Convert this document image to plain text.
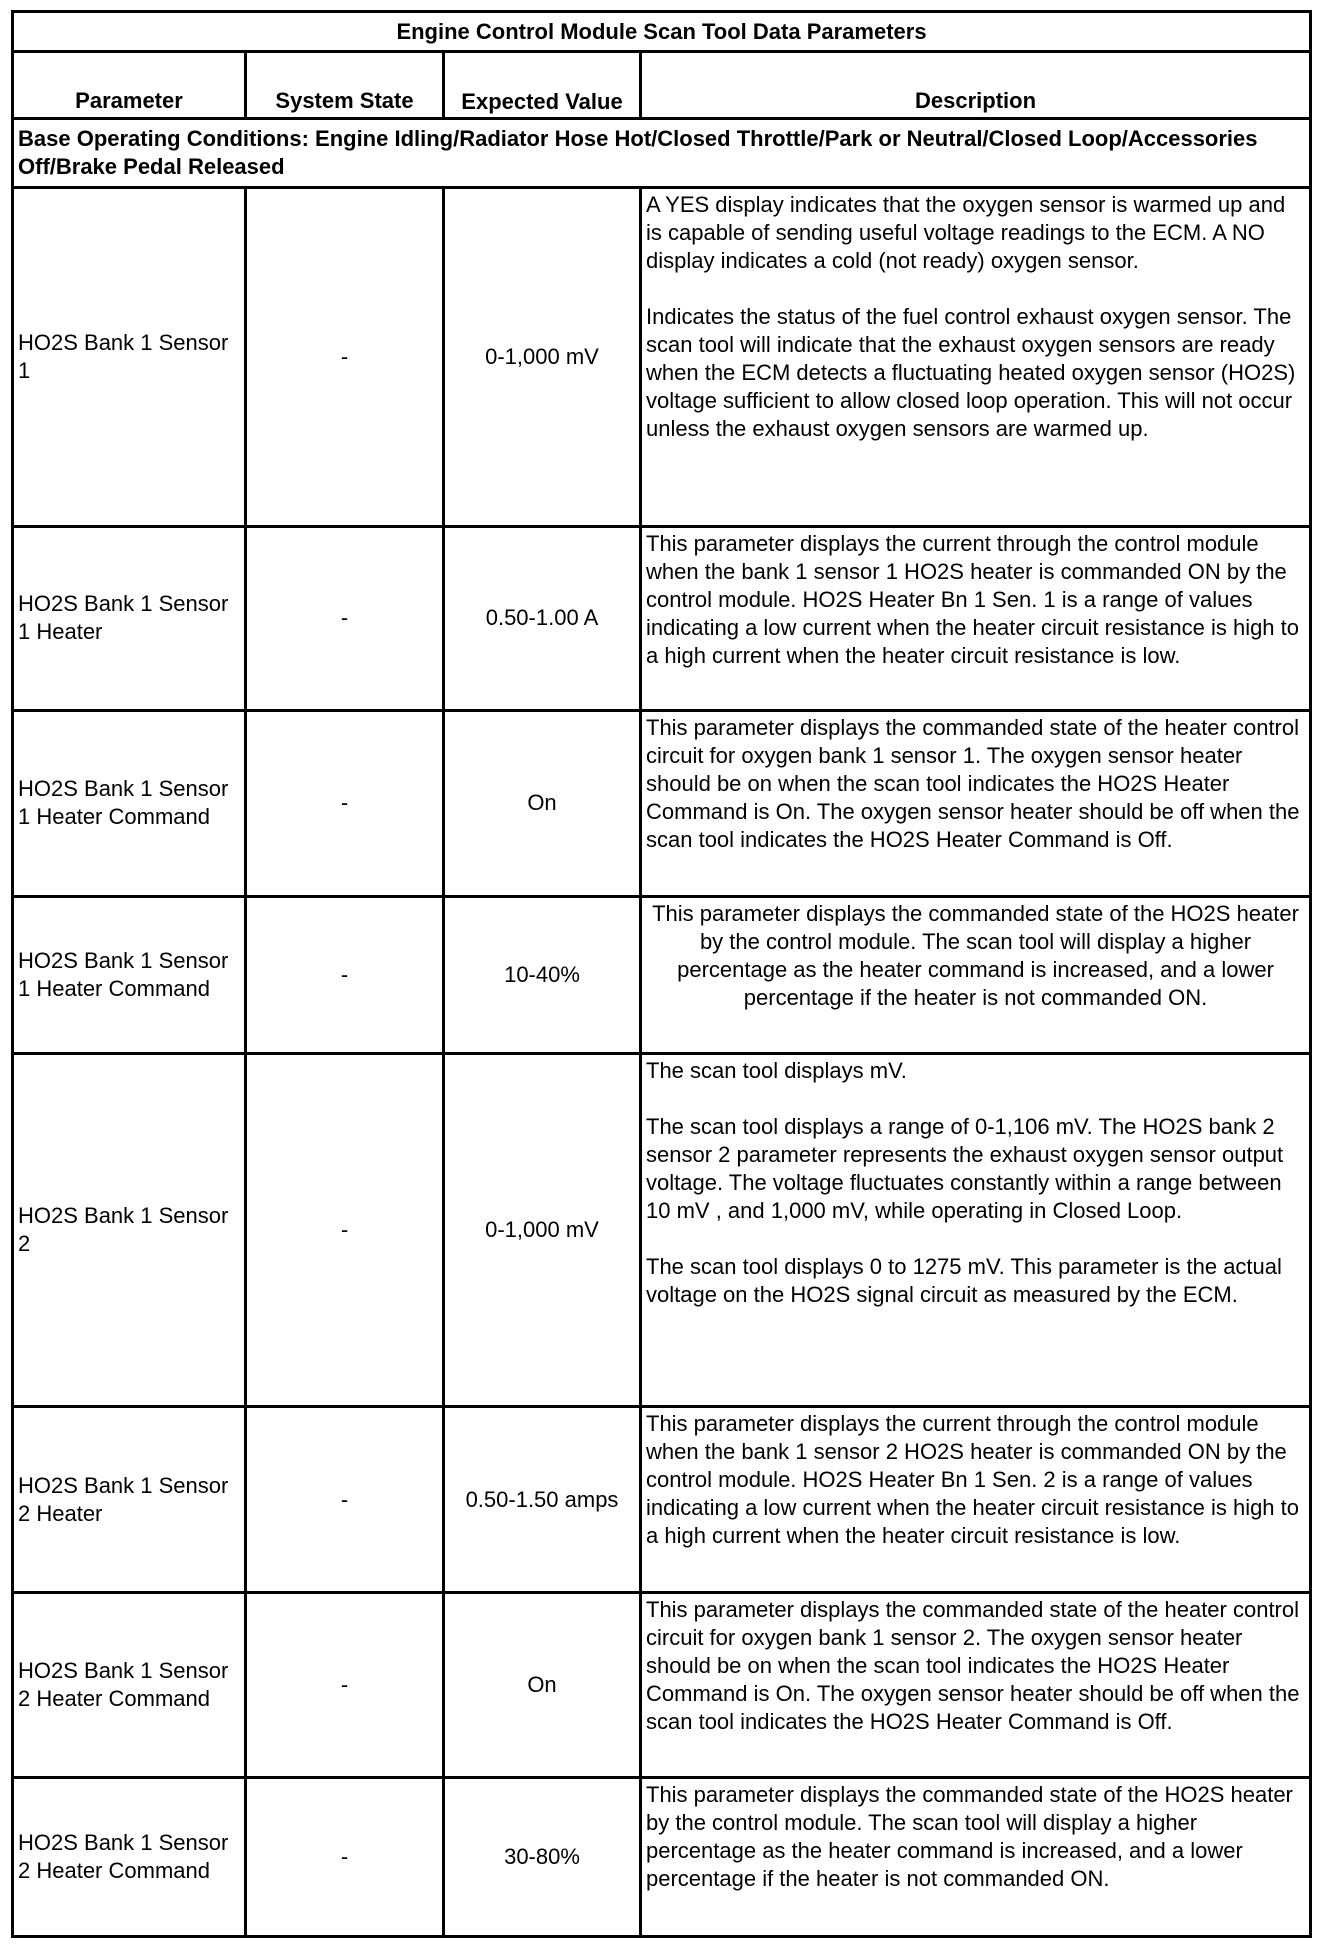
Engine Control Module Scan Tool Data Parameters			
Parameter	System State	Expected Value	Description
Base Operating Conditions: Engine Idling/Radiator Hose Hot/Closed Throttle/Park or Neutral/Closed Loop/Accessories Off/Brake Pedal Released			
HO2S Bank 1 Sensor 1	-	0-1,000 mV	A YES display indicates that the oxygen sensor is warmed up and is capable of sending useful voltage readings to the ECM. A NO display indicates a cold (not ready) oxygen sensor.

Indicates the status of the fuel control exhaust oxygen sensor. The scan tool will indicate that the exhaust oxygen sensors are ready when the ECM detects a fluctuating heated oxygen sensor (HO2S) voltage sufficient to allow closed loop operation. This will not occur unless the exhaust oxygen sensors are warmed up.

HO2S Bank 1 Sensor 1 Heater	-	0.50-1.00 A	This parameter displays the current through the control module when the bank 1 sensor 1 HO2S heater is commanded ON by the control module. HO2S Heater Bn 1 Sen. 1 is a range of values indicating a low current when the heater circuit resistance is high to a high current when the heater circuit resistance is low.

HO2S Bank 1 Sensor 1 Heater Command	-	On	This parameter displays the commanded state of the heater control circuit for oxygen bank 1 sensor 1. The oxygen sensor heater should be on when the scan tool indicates the HO2S Heater Command is On. The oxygen sensor heater should be off when the scan tool indicates the HO2S Heater Command is Off.

HO2S Bank 1 Sensor 1 Heater Command	-	10-40%	This parameter displays the commanded state of the HO2S heater by the control module. The scan tool will display a higher percentage as the heater command is increased, and a lower percentage if the heater is not commanded ON.

HO2S Bank 1 Sensor 2	-	0-1,000 mV	The scan tool displays mV.

The scan tool displays a range of 0-1,106 mV. The HO2S bank 2 sensor 2 parameter represents the exhaust oxygen sensor output voltage. The voltage fluctuates constantly within a range between 10 mV , and 1,000 mV, while operating in Closed Loop.

The scan tool displays 0 to 1275 mV. This parameter is the actual voltage on the HO2S signal circuit as measured by the ECM.

HO2S Bank 1 Sensor 2 Heater	-	0.50-1.50 amps	This parameter displays the current through the control module when the bank 1 sensor 2 HO2S heater is commanded ON by the control module. HO2S Heater Bn 1 Sen. 2 is a range of values indicating a low current when the heater circuit resistance is high to a high current when the heater circuit resistance is low.

HO2S Bank 1 Sensor 2 Heater Command	-	On	This parameter displays the commanded state of the heater control circuit for oxygen bank 1 sensor 2. The oxygen sensor heater should be on when the scan tool indicates the HO2S Heater Command is On. The oxygen sensor heater should be off when the scan tool indicates the HO2S Heater Command is Off.

HO2S Bank 1 Sensor 2 Heater Command	-	30-80%	This parameter displays the commanded state of the HO2S heater by the control module. The scan tool will display a higher percentage as the heater command is increased, and a lower percentage if the heater is not commanded ON.
